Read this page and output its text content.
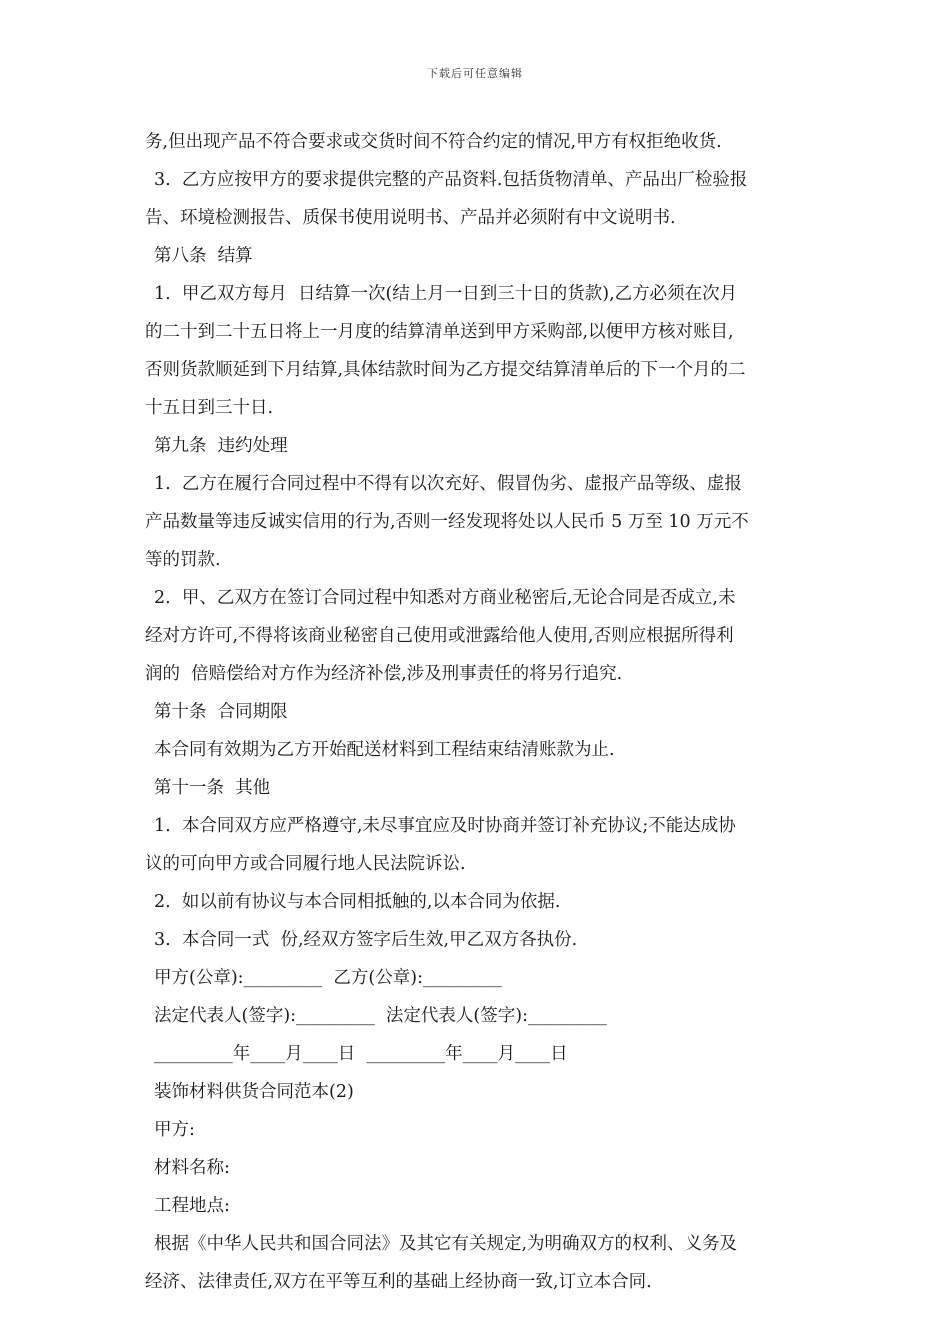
下载后可任意编辑
务,但出现产品不符合要求或交货时间不符合约定的情况,甲方有权拒绝收货.
3.  乙方应按甲方的要求提供完整的产品资料.包括货物清单、产品出厂检验报
告、环境检测报告、质保书使用说明书、产品并必须附有中文说明书.
第八条  结算
1.  甲乙双方每月  日结算一次(结上月一日到三十日的货款),乙方必须在次月
的二十到二十五日将上一月度的结算清单送到甲方采购部,以便甲方核对账目,
否则货款顺延到下月结算,具体结款时间为乙方提交结算清单后的下一个月的二
十五日到三十日.
第九条  违约处理
1.  乙方在履行合同过程中不得有以次充好、假冒伪劣、虚报产品等级、虚报
产品数量等违反诚实信用的行为,否则一经发现将处以人民币 5 万至 10 万元不
等的罚款.
2.  甲、乙双方在签订合同过程中知悉对方商业秘密后,无论合同是否成立,未
经对方许可,不得将该商业秘密自己使用或泄露给他人使用,否则应根据所得利
润的  倍赔偿给对方作为经济补偿,涉及刑事责任的将另行追究.
第十条  合同期限
本合同有效期为乙方开始配送材料到工程结束结清账款为止.
第十一条  其他
1.  本合同双方应严格遵守,未尽事宜应及时协商并签订补充协议;不能达成协
议的可向甲方或合同履行地人民法院诉讼.
2.  如以前有协议与本合同相抵触的,以本合同为依据.
3.  本合同一式  份,经双方签字后生效,甲乙双方各执份.
甲方(公章):_________  乙方(公章):_________
法定代表人(签字):_________  法定代表人(签字):_________
_________年____月____日  _________年____月____日
装饰材料供货合同范本(2)
甲方:
材料名称:
工程地点:
根据《中华人民共和国合同法》及其它有关规定,为明确双方的权利、义务及
经济、法律责任,双方在平等互利的基础上经协商一致,订立本合同.
